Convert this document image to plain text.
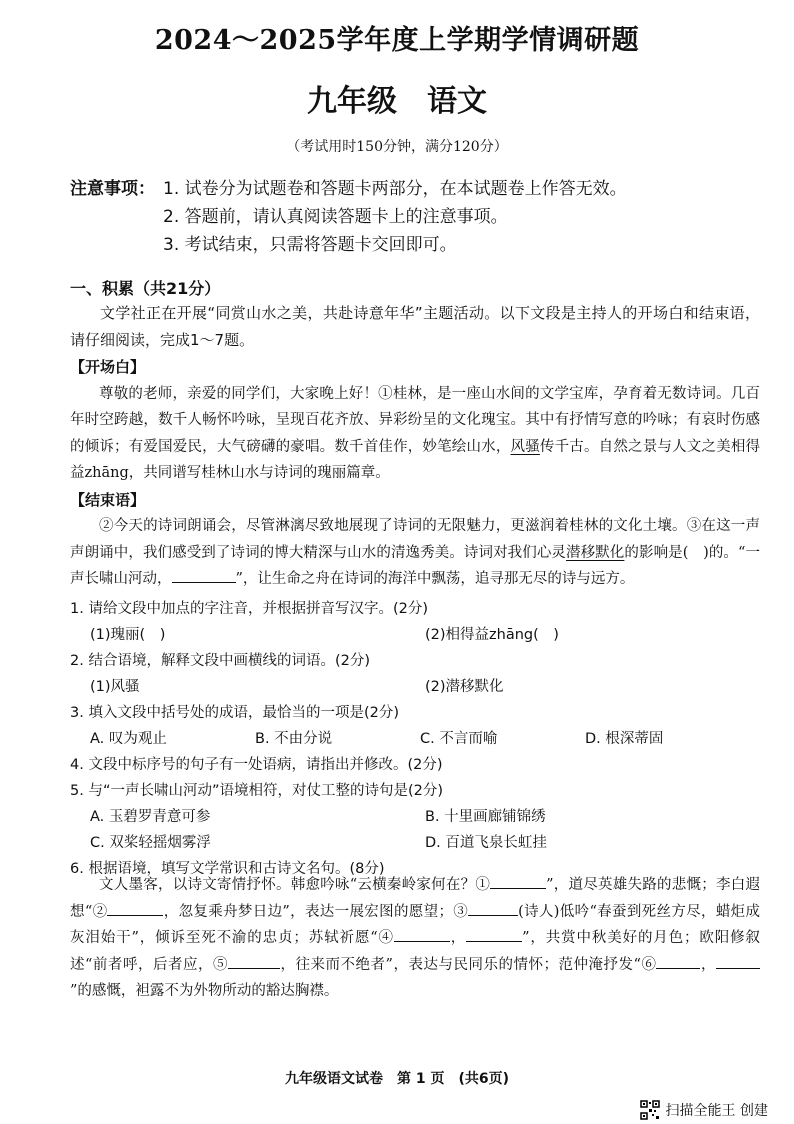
2024～2025学年度上学期学情调研题
九年级　语文
（考试用时150分钟，满分120分）
注意事项： 1. 试卷分为试题卷和答题卡两部分，在本试题卷上作答无效。
2. 答题前，请认真阅读答题卡上的注意事项。
3. 考试结束，只需将答题卡交回即可。
一、积累（共21分）

文学社正在开展“同赏山水之美，共赴诗意年华”主题活动。以下文段是主持人的开场白和结束语，请仔细阅读，完成1～7题。

【开场白】

尊敬的老师，亲爱的同学们，大家晚上好！①桂林，是一座山水间的文学宝库，孕育着无数诗词。几百年时空跨越，数千人畅怀吟咏，呈现百花齐放、异彩纷呈的文化瑰宝。其中有抒情写意的吟咏；有哀时伤感的倾诉；有爱国爱民，大气磅礴的豪唱。数千首佳作，妙笔绘山水，风骚传千古。自然之景与人文之美相得益zhāng，共同谱写桂林山水与诗词的瑰丽篇章。

【结束语】

②今天的诗词朗诵会，尽管淋漓尽致地展现了诗词的无限魅力，更滋润着桂林的文化土壤。③在这一声声朗诵中，我们感受到了诗词的博大精深与山水的清逸秀美。诗词对我们心灵潜移默化的影响是(　)的。“一声长啸山河动，	”，让生命之舟在诗词的海洋中飘荡，追寻那无尽的诗与远方。

1. 请给文段中加点的字注音，并根据拼音写汉字。(2分)

(1)瑰丽(　)	(2)相得益zhāng(　)

2. 结合语境，解释文段中画横线的词语。(2分)

(1)风骚	(2)潜移默化

3. 填入文段中括号处的成语，最恰当的一项是(2分)

A. 叹为观止	B. 不由分说	C. 不言而喻	D. 根深蒂固

4. 文段中标序号的句子有一处语病，请指出并修改。(2分)

5. 与“一声长啸山河动”语境相符，对仗工整的诗句是(2分)

A. 玉碧罗青意可参	B. 十里画廊铺锦绣
C. 双桨轻摇烟雾浮	D. 百道飞泉长虹挂

6. 根据语境，填写文学常识和古诗文名句。(8分)

文人墨客，以诗文寄情抒怀。韩愈吟咏“云横秦岭家何在？①	”，道尽英雄失路的悲慨；李白遐想“②	，忽复乘舟梦日边”，表达一展宏图的愿望；③	(诗人)低吟“春蚕到死丝方尽，蜡炬成灰泪始干”，倾诉至死不渝的忠贞；苏轼祈愿“④	，	”，共赏中秋美好的月色；欧阳修叙述“前者呼，后者应，⑤	，往来而不绝者”，表达与民同乐的情怀；范仲淹抒发“⑥	，”的感慨，袒露不为外物所动的豁达胸襟。

九年级语文试卷　第 1 页　(共6页)
扫描全能王 创建
